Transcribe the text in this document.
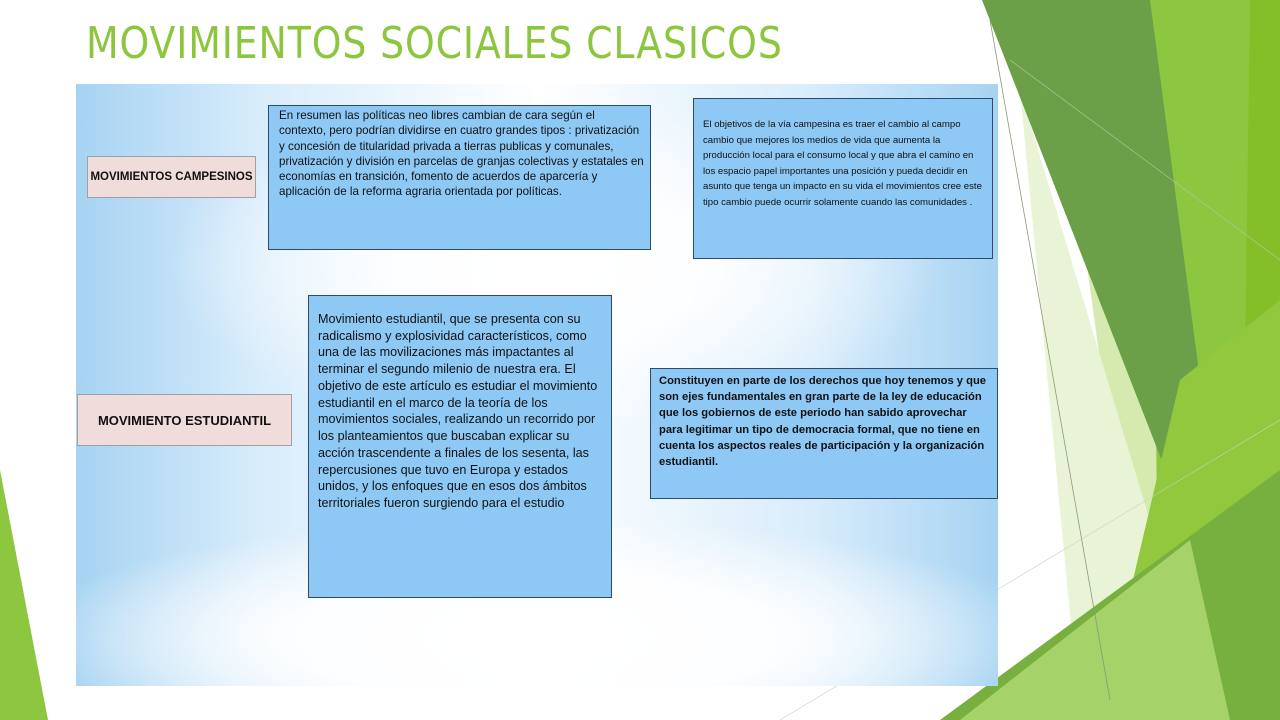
MOVIMIENTOS SOCIALES CLASICOS
MOVIMIENTOS CAMPESINOS
En resumen las políticas neo libres cambian de cara según el contexto, pero podrían dividirse en cuatro grandes tipos : privatización y concesión de titularidad privada a tierras publicas y comunales, privatización y división en parcelas de granjas colectivas y estatales en economías en transición, fomento de acuerdos de aparcería y aplicación de la reforma agraria orientada por políticas.
El objetivos de la vía campesina es traer el cambio al campo cambio que mejores los medios de vida que aumenta la producción local para el consumo local y que abra el camino en los espacio papel importantes una posición y pueda decidir en asunto que tenga un impacto en su vida el movimientos cree este tipo cambio puede ocurrir solamente cuando las comunidades .
Movimiento estudiantil, que se presenta con su radicalismo y explosividad característicos, como una de las movilizaciones más impactantes al terminar el segundo milenio de nuestra era. El objetivo de este artículo es estudiar el movimiento estudiantil en el marco de la teoría de los movimientos sociales, realizando un recorrido por los planteamientos que buscaban explicar su acción trascendente a finales de los sesenta, las repercusiones que tuvo en Europa y estados unidos, y los enfoques que en esos dos ámbitos territoriales fueron surgiendo para el estudio
MOVIMIENTO ESTUDIANTIL
Constituyen en parte de los derechos que hoy tenemos y que son ejes fundamentales en gran parte de la ley de educación que los gobiernos de este periodo han sabido aprovechar para legitimar un tipo de democracia formal, que no tiene en cuenta los aspectos reales de participación y la organización estudiantil.
